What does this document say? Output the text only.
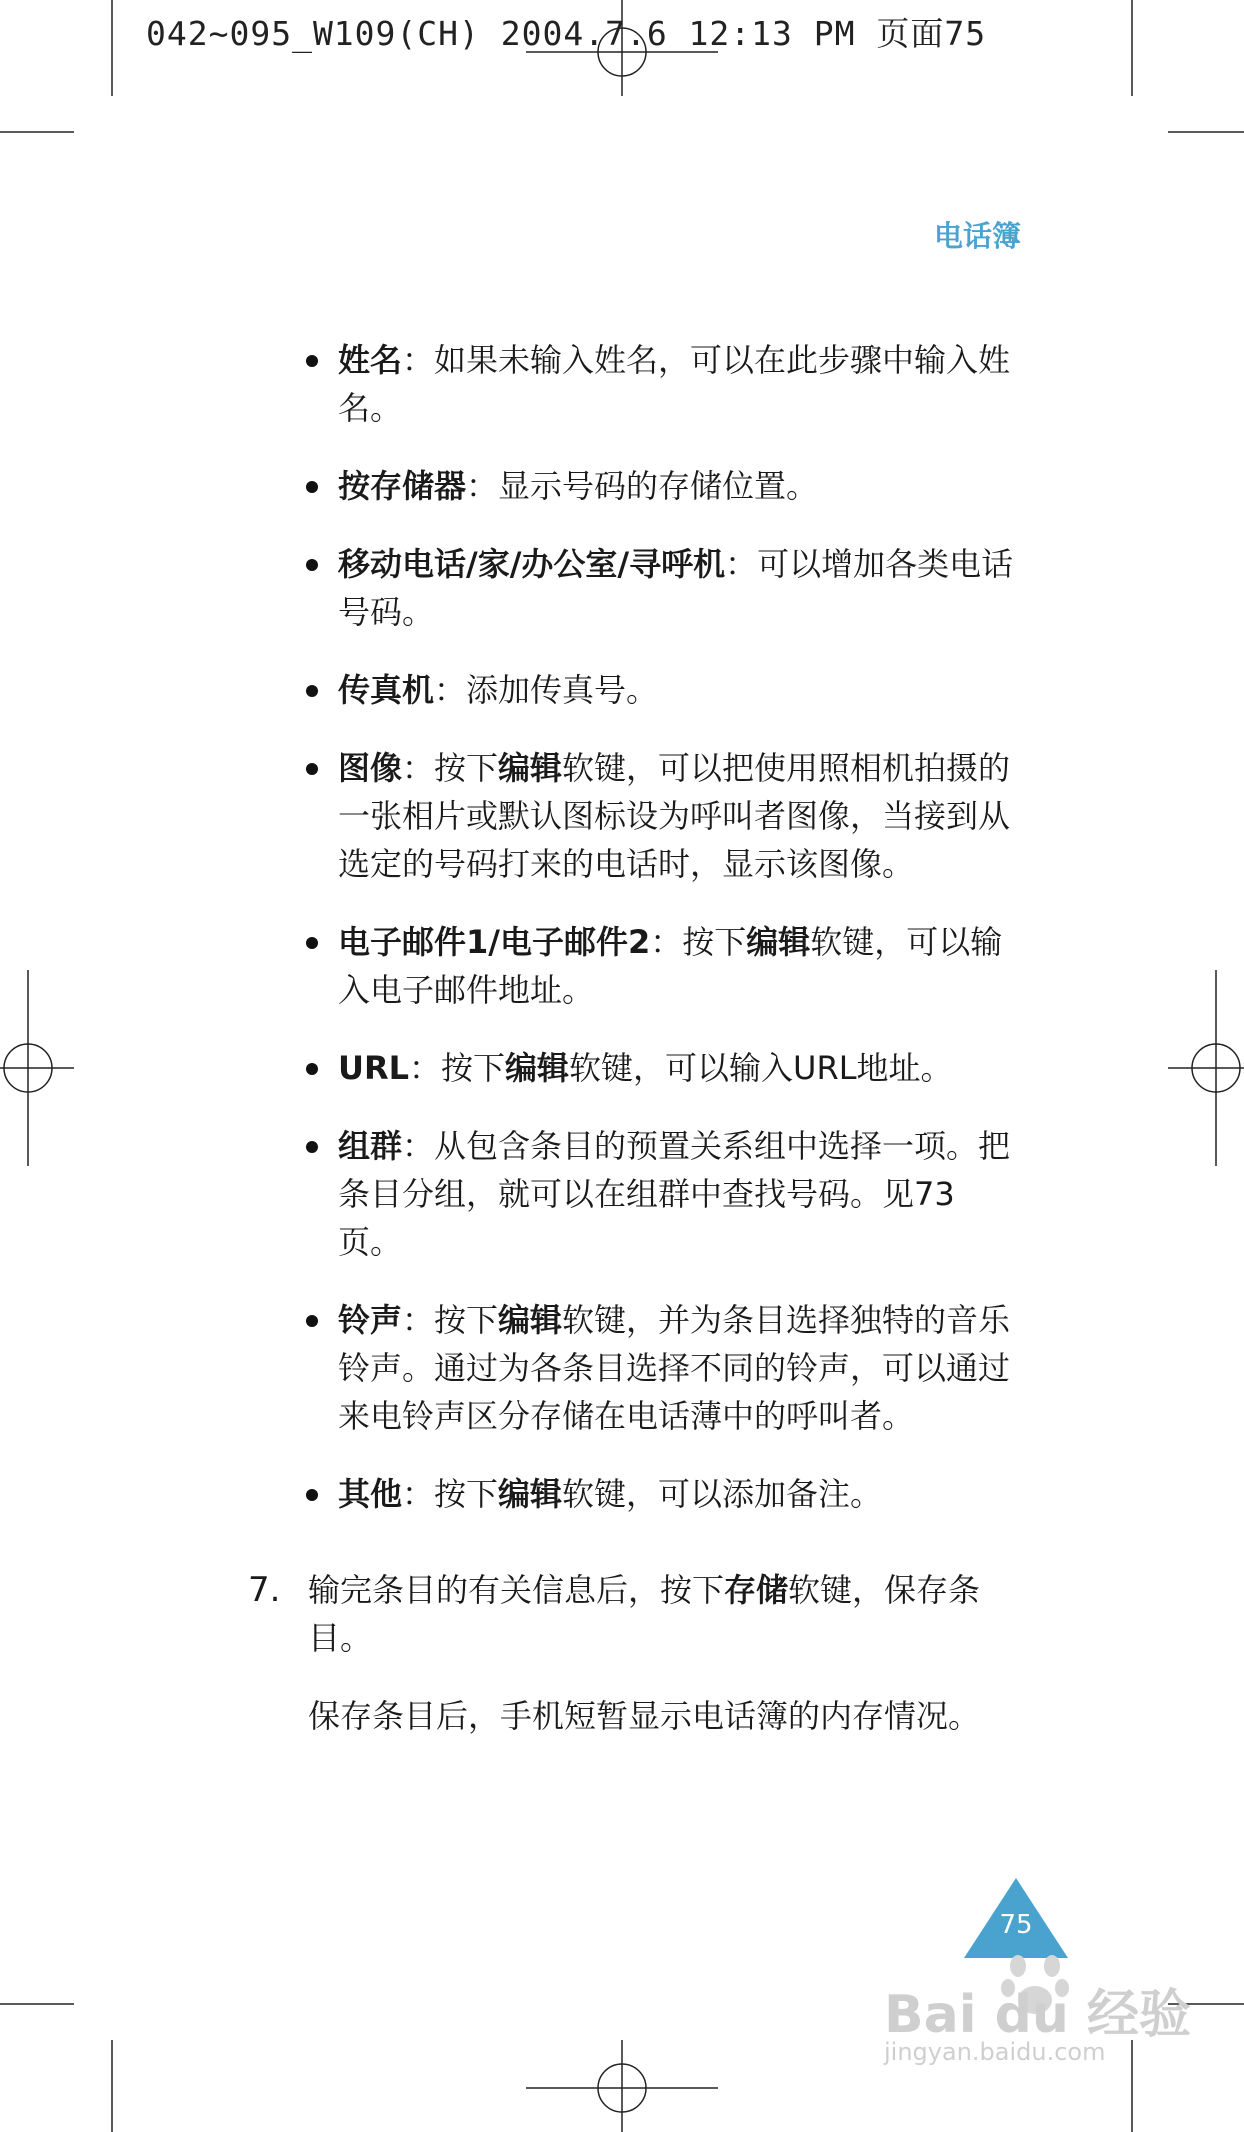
042~095_W109(CH) 2004.7.6 12:13 PM 页面75
电话簿
姓名：如果未输入姓名，可以在此步骤中输入姓名。
按存储器：显示号码的存储位置。
移动电话/家/办公室/寻呼机：可以增加各类电话号码。
传真机：添加传真号。
图像：按下编辑软键，可以把使用照相机拍摄的一张相片或默认图标设为呼叫者图像，当接到从选定的号码打来的电话时，显示该图像。
电子邮件1/电子邮件2：按下编辑软键，可以输入电子邮件地址。
URL：按下编辑软键，可以输入URL地址。
组群：从包含条目的预置关系组中选择一项。把条目分组，就可以在组群中查找号码。见73页。
铃声：按下编辑软键，并为条目选择独特的音乐铃声。通过为各条目选择不同的铃声，可以通过来电铃声区分存储在电话薄中的呼叫者。
其他：按下编辑软键，可以添加备注。
7. 输完条目的有关信息后，按下存储软键，保存条目。
保存条目后，手机短暂显示电话簿的内存情况。
75
Bai du 经验
jingyan.baidu.com
